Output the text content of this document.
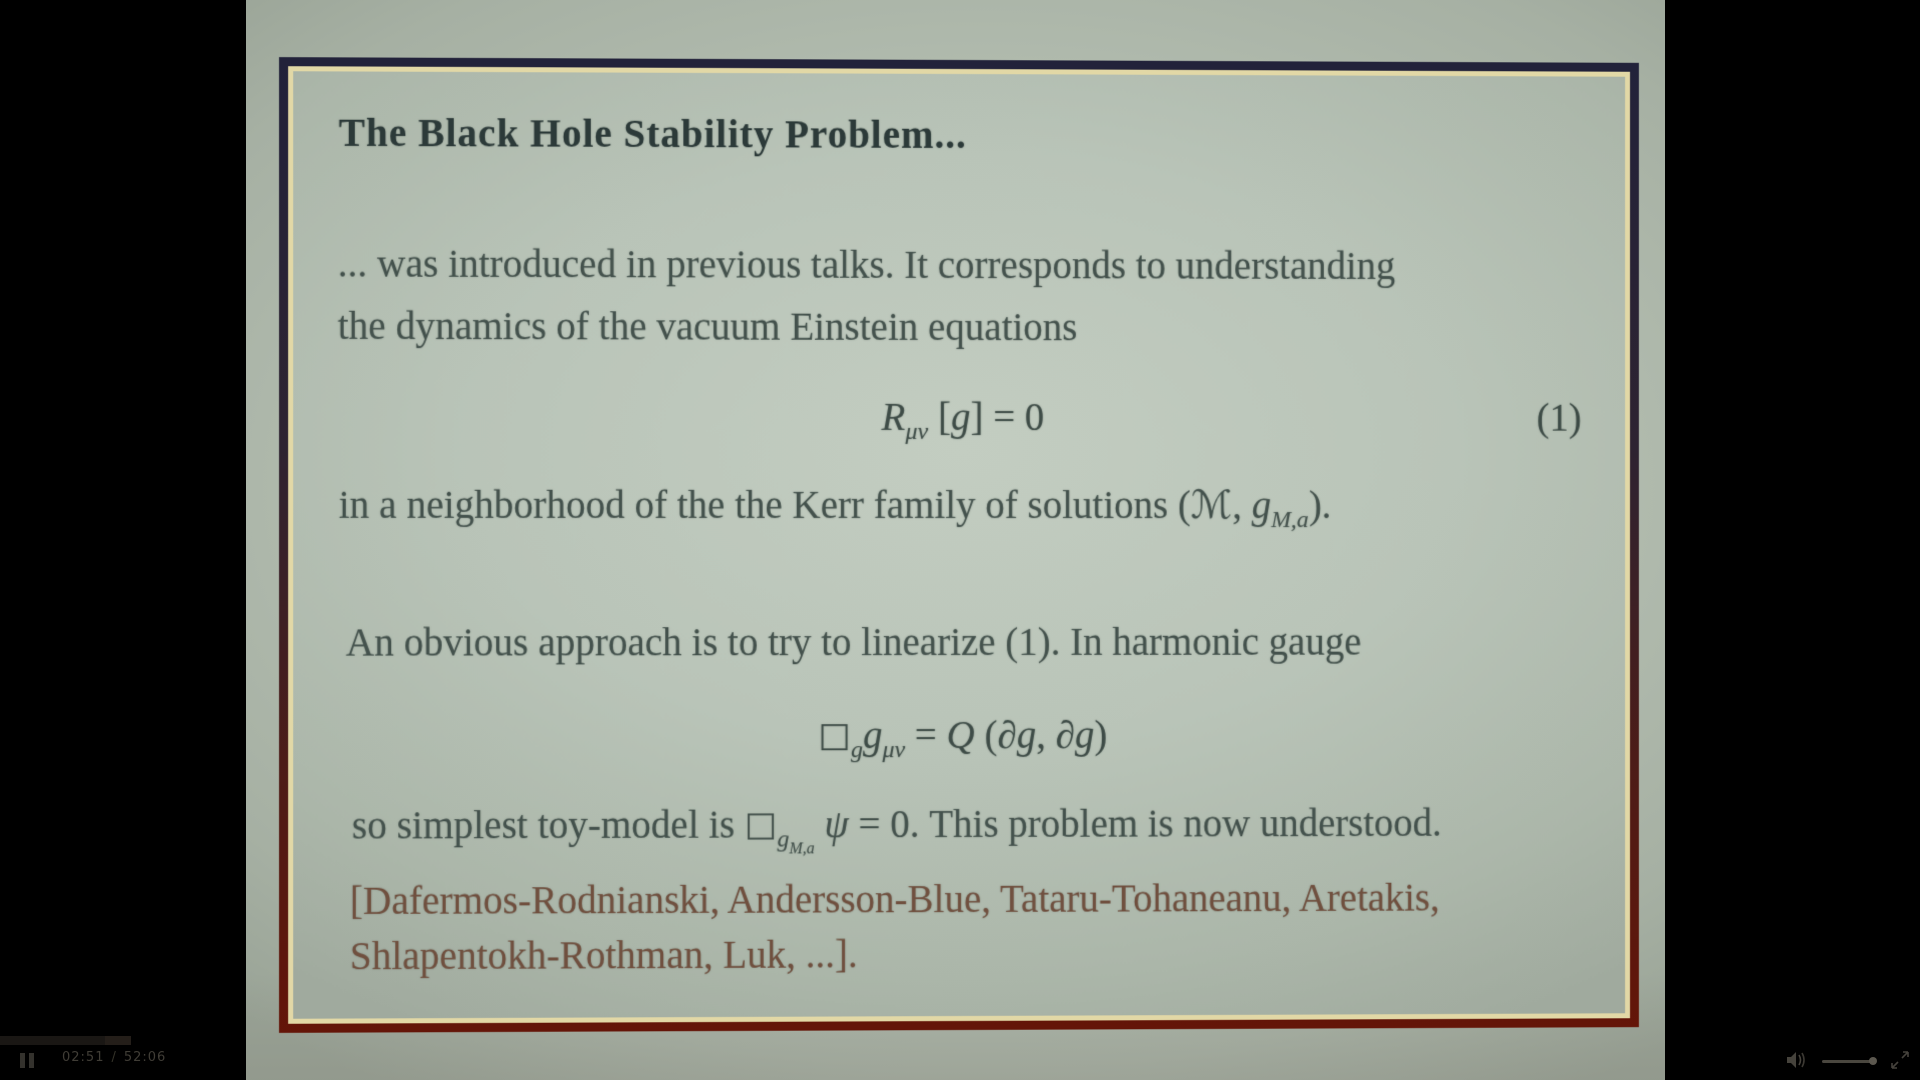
The Black Hole Stability Problem...
... was introduced in previous talks. It corresponds to understanding
the dynamics of the vacuum Einstein equations
$R_{\mu\nu}$ [g] = 0	(1)
in a neighborhood of the the Kerr family of solutions (ℳ, $g_{M,a}$).
An obvious approach is to try to linearize (1). In harmonic gauge
$□_gg_{\mu\nu} = Q$ (∂g, ∂g)
so simplest toy-model is $□_{gM,a}$ ψ = 0. This problem is now understood.
[Dafermos-Rodnianski, Andersson-Blue, Tataru-Tohaneanu, Aretakis,
Shlapentokh-Rothman, Luk, ...].
02:51 / 52:06
